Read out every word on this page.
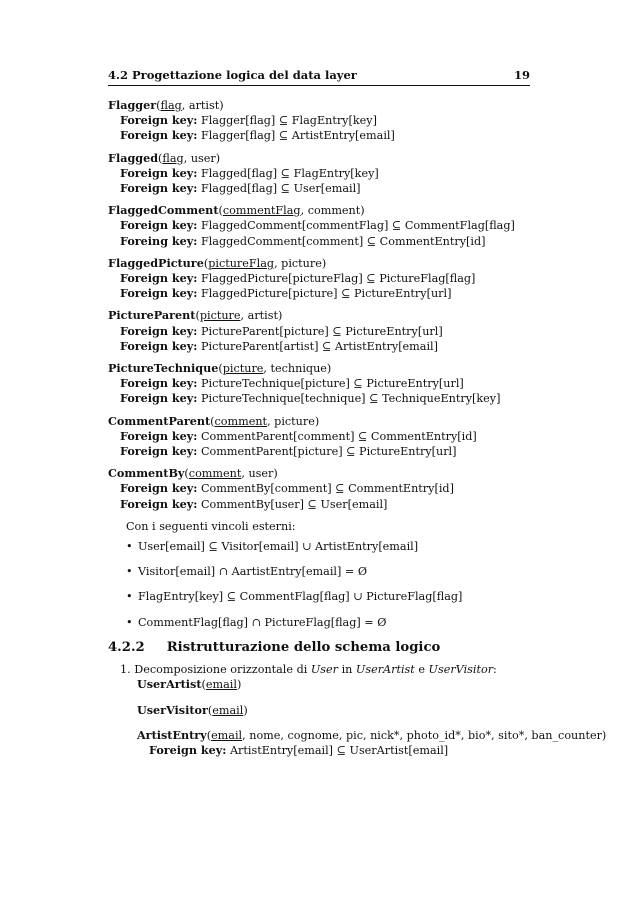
4.2 Progettazione logica del data layer	19
Flagger(flag, artist)
Foreign key: Flagger[flag] ⊆ FlagEntry[key]
Foreign key: Flagger[flag] ⊆ ArtistEntry[email]
Flagged(flag, user)
Foreign key: Flagged[flag] ⊆ FlagEntry[key]
Foreign key: Flagged[flag] ⊆ User[email]
FlaggedComment(commentFlag, comment)
Foreign key: FlaggedComment[commentFlag] ⊆ CommentFlag[flag]
Foreing key: FlaggedComment[comment] ⊆ CommentEntry[id]
FlaggedPicture(pictureFlag, picture)
Foreign key: FlaggedPicture[pictureFlag] ⊆ PictureFlag[flag]
Foreign key: FlaggedPicture[picture] ⊆ PictureEntry[url]
PictureParent(picture, artist)
Foreign key: PictureParent[picture] ⊆ PictureEntry[url]
Foreign key: PictureParent[artist] ⊆ ArtistEntry[email]
PictureTechnique(picture, technique)
Foreign key: PictureTechnique[picture] ⊆ PictureEntry[url]
Foreign key: PictureTechnique[technique] ⊆ TechniqueEntry[key]
CommentParent(comment, picture)
Foreign key: CommentParent[comment] ⊆ CommentEntry[id]
Foreign key: CommentParent[picture] ⊆ PictureEntry[url]
CommentBy(comment, user)
Foreign key: CommentBy[comment] ⊆ CommentEntry[id]
Foreign key: CommentBy[user] ⊆ User[email]
Con i seguenti vincoli esterni:
• User[email] ⊆ Visitor[email] ∪ ArtistEntry[email]
• Visitor[email] ∩ AartistEntry[email] = Ø
• FlagEntry[key] ⊆ CommentFlag[flag] ∪ PictureFlag[flag]
• CommentFlag[flag] ∩ PictureFlag[flag] = Ø
4.2.2 Ristrutturazione dello schema logico
1. Decomposizione orizzontale di User in UserArtist e UserVisitor:
UserArtist(email)
UserVisitor(email)
ArtistEntry(email, nome, cognome, pic, nick*, photo_id*, bio*, sito*, ban_counter)
Foreign key: ArtistEntry[email] ⊆ UserArtist[email]
